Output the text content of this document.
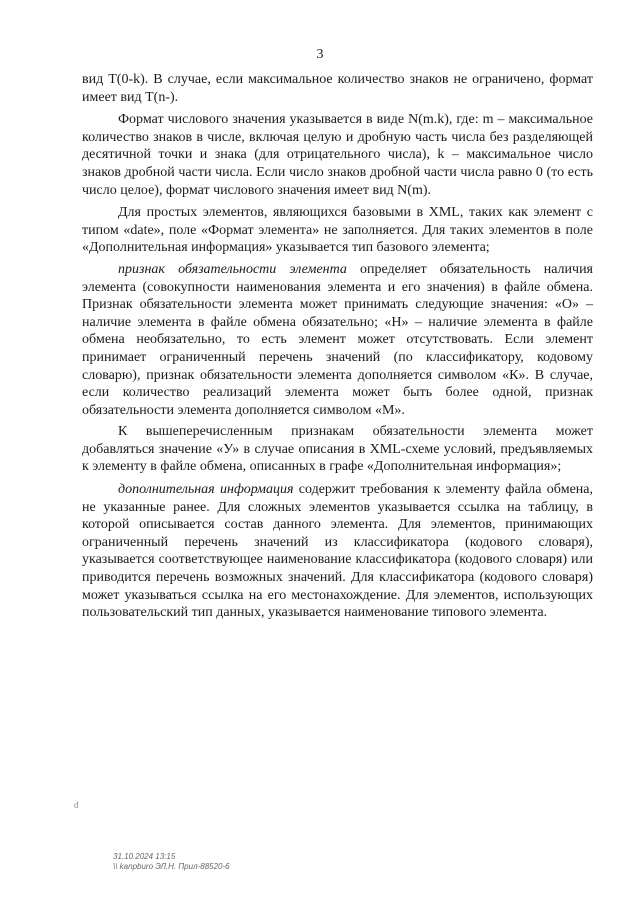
3

вид Т(0-k). В случае, если максимальное количество знаков не ограничено, формат имеет вид Т(n-).

Формат числового значения указывается в виде N(m.k), где: m – максимальное количество знаков в числе, включая целую и дробную часть числа без разделяющей десятичной точки и знака (для отрицательного числа), k – максимальное число знаков дробной части числа. Если число знаков дробной части числа равно 0 (то есть число целое), формат числового значения имеет вид N(m).

Для простых элементов, являющихся базовыми в XML, таких как элемент с типом «date», поле «Формат элемента» не заполняется. Для таких элементов в поле «Дополнительная информация» указывается тип базового элемента;

признак обязательности элемента определяет обязательность наличия элемента (совокупности наименования элемента и его значения) в файле обмена. Признак обязательности элемента может принимать следующие значения: «О» – наличие элемента в файле обмена обязательно; «Н» – наличие элемента в файле обмена необязательно, то есть элемент может отсутствовать. Если элемент принимает ограниченный перечень значений (по классификатору, кодовому словарю), признак обязательности элемента дополняется символом «К». В случае, если количество реализаций элемента может быть более одной, признак обязательности элемента дополняется символом «М».

К вышеперечисленным признакам обязательности элемента может добавляться значение «У» в случае описания в XML-схеме условий, предъявляемых к элементу в файле обмена, описанных в графе «Дополнительная информация»;

дополнительная информация содержит требования к элементу файла обмена, не указанные ранее. Для сложных элементов указывается ссылка на таблицу, в которой описывается состав данного элемента. Для элементов, принимающих ограниченный перечень значений из классификатора (кодового словаря), указывается соответствующее наименование классификатора (кодового словаря) или приводится перечень возможных значений. Для классификатора (кодового словаря) может указываться ссылка на его местонахождение. Для элементов, использующих пользовательский тип данных, указывается наименование типового элемента.

d
31.10.2024 13:15
\\ kanpburo ЭЛ.Н. Прил-88520-6
